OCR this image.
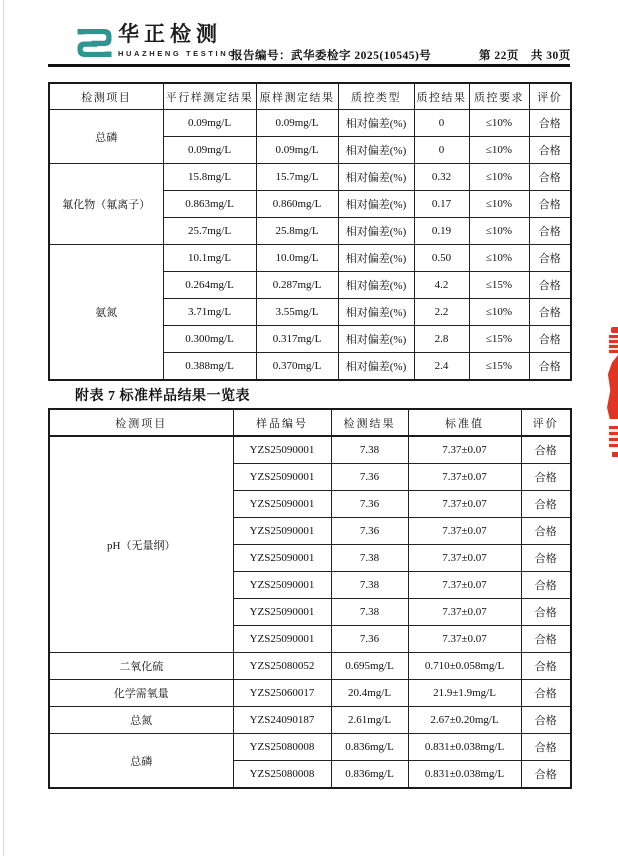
华正检测
HUAZHENG TESTING
报告编号：武华委检字 2025(10545)号	第 22页　共 30页
检测项目	平行样测定结果	原样测定结果	质控类型	质控结果	质控要求	评价
总磷	0.09mg/L	0.09mg/L	相对偏差(%)	0	≤10%	合格
	0.09mg/L	0.09mg/L	相对偏差(%)	0	≤10%	合格
氟化物（氟离子）	15.8mg/L	15.7mg/L	相对偏差(%)	0.32	≤10%	合格
	0.863mg/L	0.860mg/L	相对偏差(%)	0.17	≤10%	合格
	25.7mg/L	25.8mg/L	相对偏差(%)	0.19	≤10%	合格
氨氮	10.1mg/L	10.0mg/L	相对偏差(%)	0.50	≤10%	合格
	0.264mg/L	0.287mg/L	相对偏差(%)	4.2	≤15%	合格
	3.71mg/L	3.55mg/L	相对偏差(%)	2.2	≤10%	合格
	0.300mg/L	0.317mg/L	相对偏差(%)	2.8	≤15%	合格
	0.388mg/L	0.370mg/L	相对偏差(%)	2.4	≤15%	合格
附表 7 标准样品结果一览表
检测项目	样品编号	检测结果	标准值	评价
pH（无量纲）	YZS25090001	7.38	7.37±0.07	合格
	YZS25090001	7.36	7.37±0.07	合格
	YZS25090001	7.36	7.37±0.07	合格
	YZS25090001	7.36	7.37±0.07	合格
	YZS25090001	7.38	7.37±0.07	合格
	YZS25090001	7.38	7.37±0.07	合格
	YZS25090001	7.38	7.37±0.07	合格
	YZS25090001	7.36	7.37±0.07	合格
二氧化硫	YZS25080052	0.695mg/L	0.710±0.058mg/L	合格
化学需氧量	YZS25060017	20.4mg/L	21.9±1.9mg/L	合格
总氮	YZS24090187	2.61mg/L	2.67±0.20mg/L	合格
总磷	YZS25080008	0.836mg/L	0.831±0.038mg/L	合格
	YZS25080008	0.836mg/L	0.831±0.038mg/L	合格
